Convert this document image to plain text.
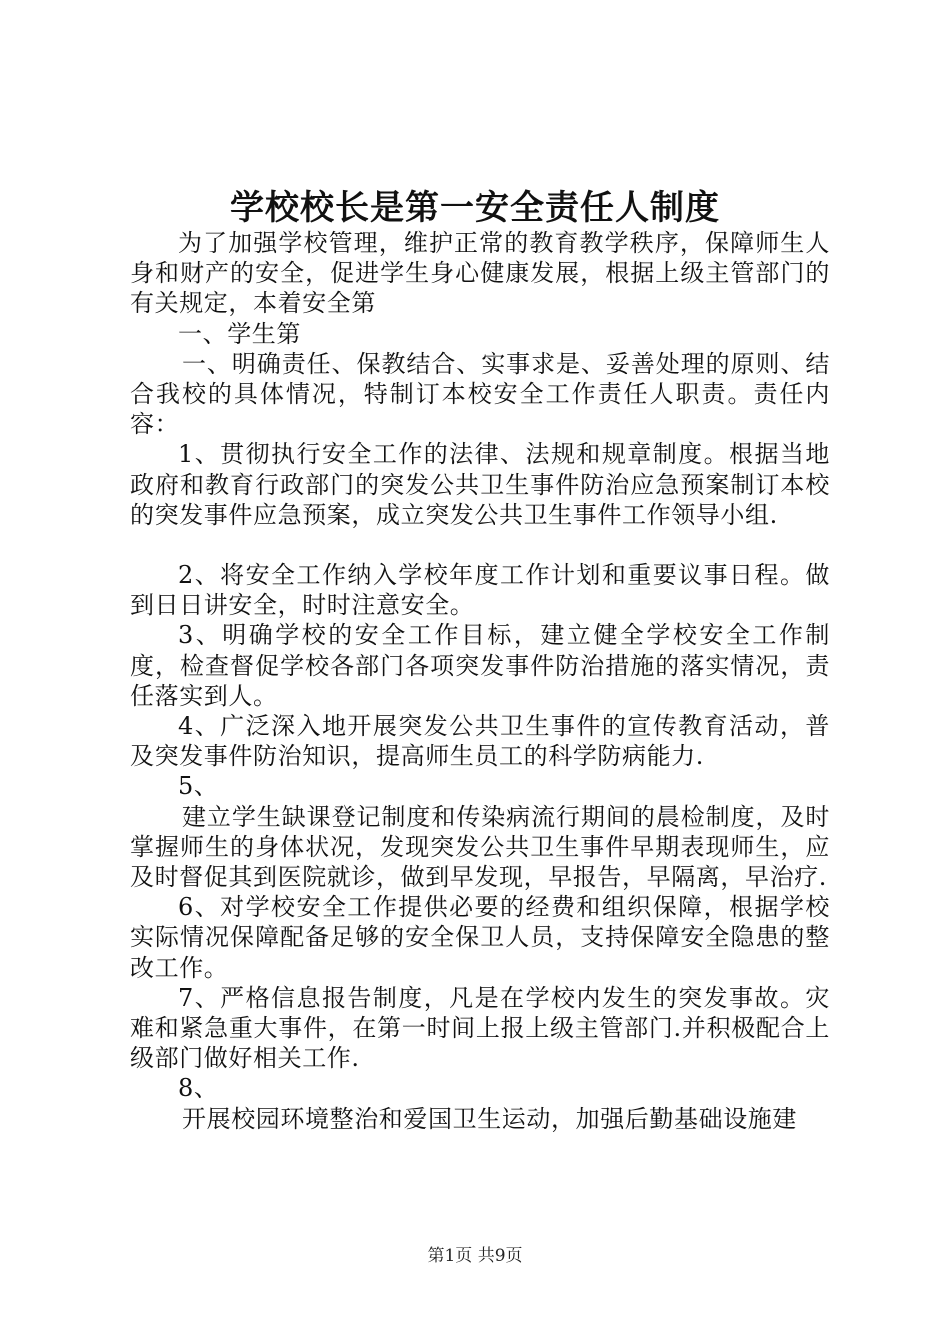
学校校长是第一安全责任人制度

为了加强学校管理，维护正常的教育教学秩序，保障师生人身和财产的安全，促进学生身心健康发展，根据上级主管部门的有关规定，本着安全第

一、学生第

一、明确责任、保教结合、实事求是、妥善处理的原则、结合我校的具体情况，特制订本校安全工作责任人职责。责任内容：

1、贯彻执行安全工作的法律、法规和规章制度。根据当地政府和教育行政部门的突发公共卫生事件防治应急预案制订本校的突发事件应急预案，成立突发公共卫生事件工作领导小组.

2、将安全工作纳入学校年度工作计划和重要议事日程。做到日日讲安全，时时注意安全。

3、明确学校的安全工作目标，建立健全学校安全工作制度，检查督促学校各部门各项突发事件防治措施的落实情况，责任落实到人。

4、广泛深入地开展突发公共卫生事件的宣传教育活动，普及突发事件防治知识，提高师生员工的科学防病能力.

5、

建立学生缺课登记制度和传染病流行期间的晨检制度，及时掌握师生的身体状况，发现突发公共卫生事件早期表现师生，应及时督促其到医院就诊，做到早发现，早报告，早隔离，早治疗.

6、对学校安全工作提供必要的经费和组织保障，根据学校实际情况保障配备足够的安全保卫人员，支持保障安全隐患的整改工作。

7、严格信息报告制度，凡是在学校内发生的突发事故。灾难和紧急重大事件，在第一时间上报上级主管部门.并积极配合上级部门做好相关工作.

8、

开展校园环境整治和爱国卫生运动，加强后勤基础设施建

第1页 共9页
